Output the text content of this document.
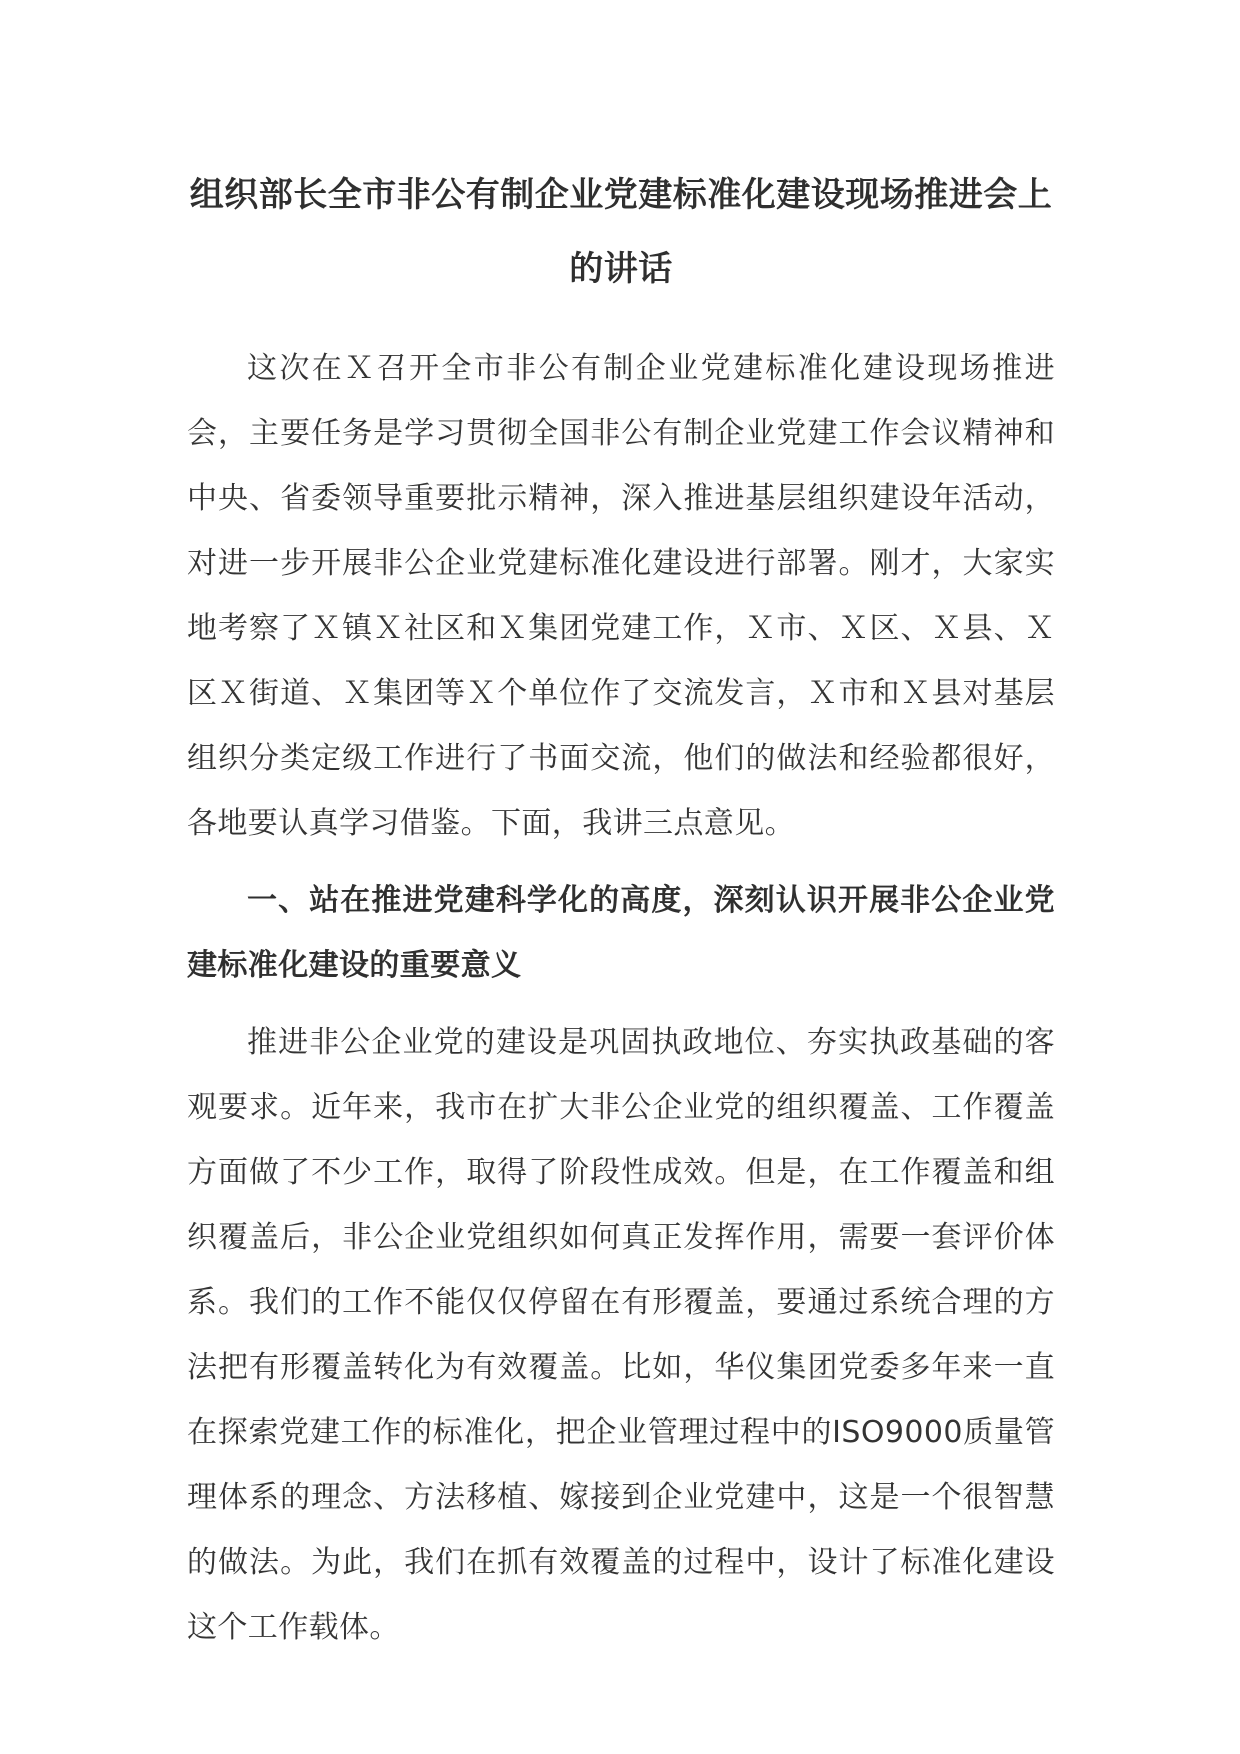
组织部长全市非公有制企业党建标准化建设现场推进会上的讲话

这次在Ｘ召开全市非公有制企业党建标准化建设现场推进会，主要任务是学习贯彻全国非公有制企业党建工作会议精神和中央、省委领导重要批示精神，深入推进基层组织建设年活动，对进一步开展非公企业党建标准化建设进行部署。刚才，大家实地考察了Ｘ镇Ｘ社区和Ｘ集团党建工作，Ｘ市、Ｘ区、Ｘ县、Ｘ区Ｘ街道、Ｘ集团等Ｘ个单位作了交流发言，Ｘ市和Ｘ县对基层组织分类定级工作进行了书面交流，他们的做法和经验都很好，各地要认真学习借鉴。下面，我讲三点意见。

一、站在推进党建科学化的高度，深刻认识开展非公企业党建标准化建设的重要意义

推进非公企业党的建设是巩固执政地位、夯实执政基础的客观要求。近年来，我市在扩大非公企业党的组织覆盖、工作覆盖方面做了不少工作，取得了阶段性成效。但是，在工作覆盖和组织覆盖后，非公企业党组织如何真正发挥作用，需要一套评价体系。我们的工作不能仅仅停留在有形覆盖，要通过系统合理的方法把有形覆盖转化为有效覆盖。比如，华仪集团党委多年来一直在探索党建工作的标准化，把企业管理过程中的ISO9000质量管理体系的理念、方法移植、嫁接到企业党建中，这是一个很智慧的做法。为此，我们在抓有效覆盖的过程中，设计了标准化建设这个工作载体。
